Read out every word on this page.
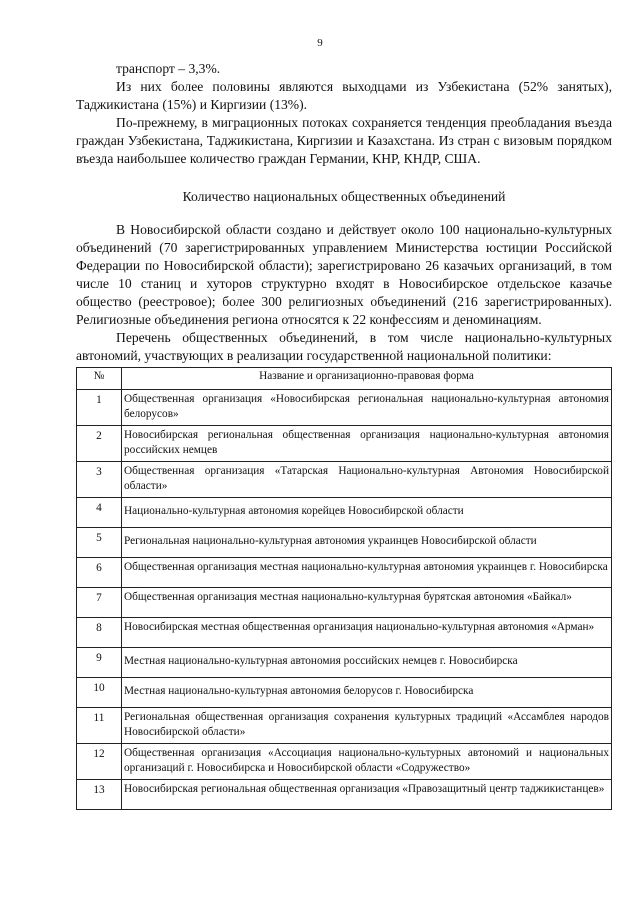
9

транспорт – 3,3%.

Из них более половины являются выходцами из Узбекистана (52% занятых), Таджикистана (15%) и Киргизии (13%).

По-прежнему, в миграционных потоках сохраняется тенденция преобладания въезда граждан Узбекистана, Таджикистана, Киргизии и Казахстана. Из стран с визовым порядком въезда наибольшее количество граждан Германии, КНР, КНДР, США.

Количество национальных общественных объединений

В Новосибирской области создано и действует около 100 национально-культурных объединений (70 зарегистрированных управлением Министерства юстиции Российской Федерации по Новосибирской области); зарегистрировано 26 казачьих организаций, в том числе 10 станиц и хуторов структурно входят в Новосибирское отдельское казачье общество (реестровое); более 300 религиозных объединений (216 зарегистрированных). Религиозные объединения региона относятся к 22 конфессиям и деноминациям.

Перечень общественных объединений, в том числе национально-культурных автономий, участвующих в реализации государственной национальной политики:

№	Название и организационно-правовая форма
1	Общественная организация «Новосибирская региональная национально-культурная автономия белорусов»
2	Новосибирская региональная общественная организация национально-культурная автономия российских немцев
3	Общественная организация «Татарская Национально-культурная Автономия Новосибирской области»
4	Национально-культурная автономия корейцев Новосибирской области
5	Региональная национально-культурная автономия украинцев Новосибирской области
6	Общественная организация местная национально-культурная автономия украинцев г. Новосибирска
7	Общественная организация местная национально-культурная бурятская автономия «Байкал»
8	Новосибирская местная общественная организация национально-культурная автономия «Арман»
9	Местная национально-культурная автономия российских немцев г. Новосибирска
10	Местная национально-культурная автономия белорусов г. Новосибирска
11	Региональная общественная организация сохранения культурных традиций «Ассамблея народов Новосибирской области»
12	Общественная организация «Ассоциация национально-культурных автономий и национальных организаций г. Новосибирска и Новосибирской области «Содружество»
13	Новосибирская региональная общественная организация «Правозащитный центр таджикистанцев»
